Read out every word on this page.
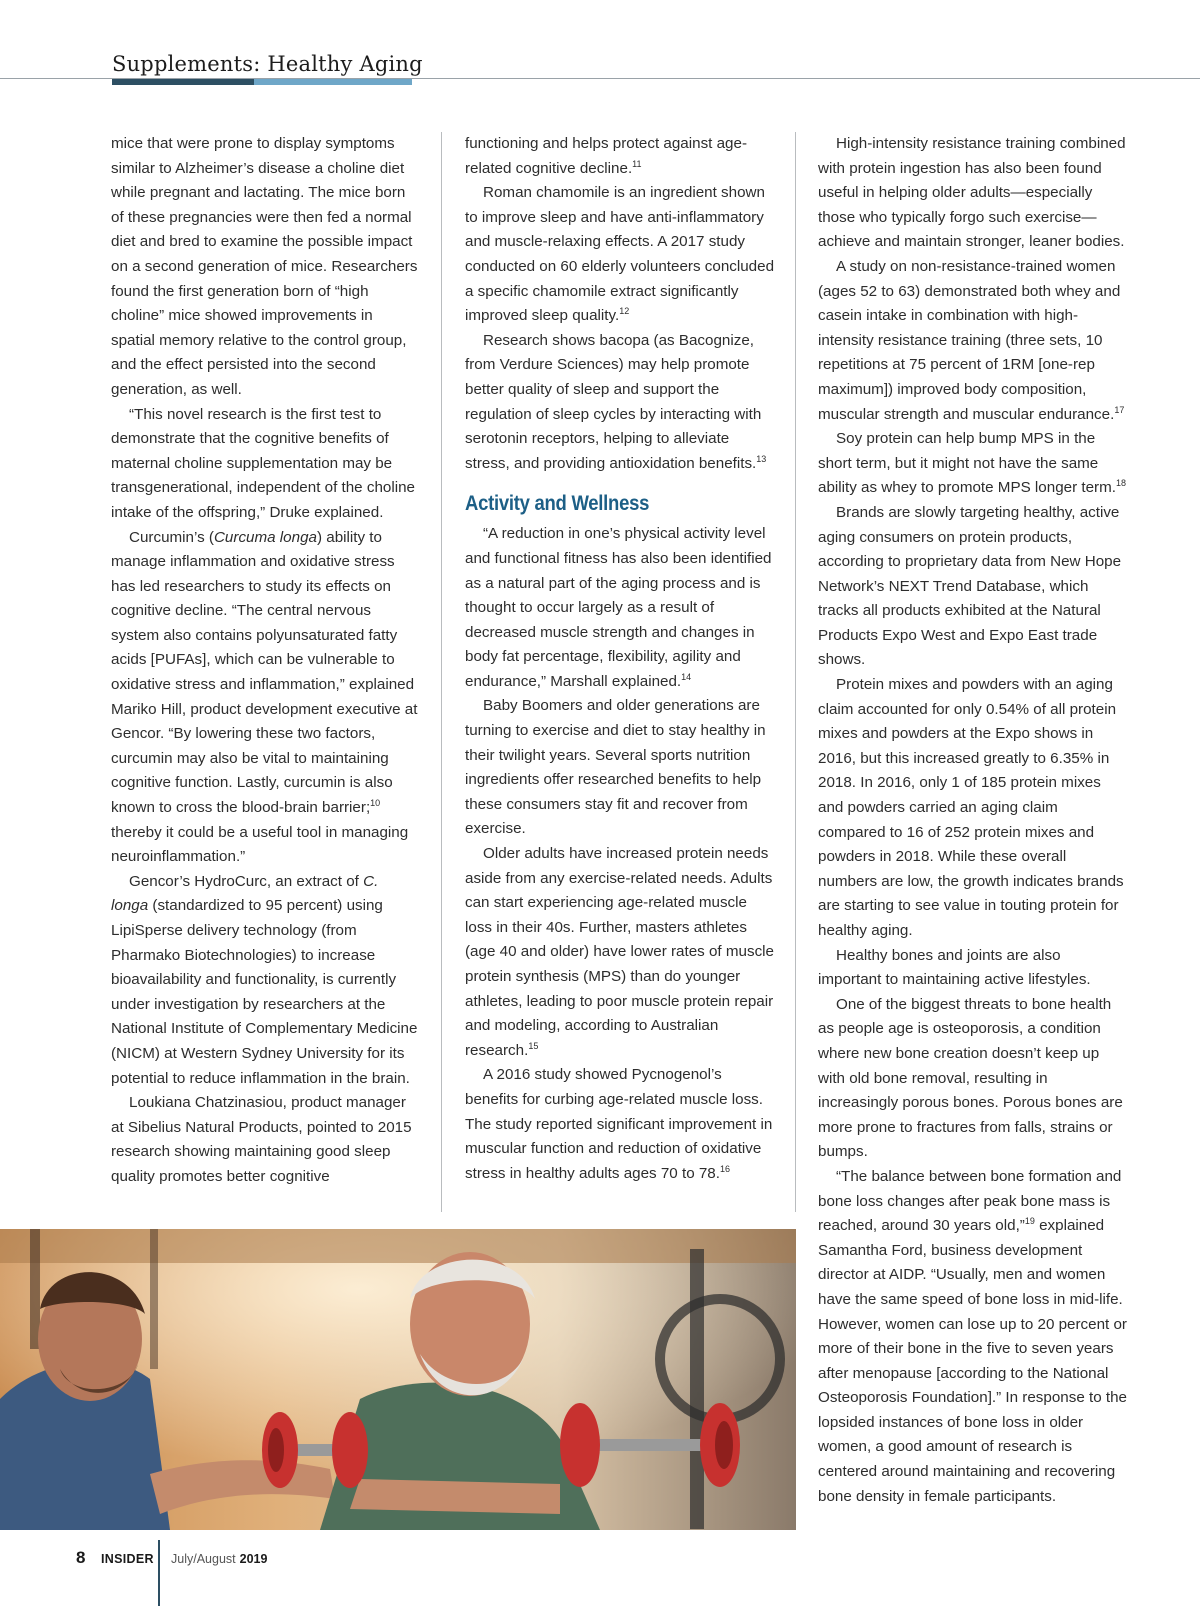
Supplements: Healthy Aging

mice that were prone to display symptoms similar to Alzheimer’s disease a choline diet while pregnant and lactating. The mice born of these pregnancies were then fed a normal diet and bred to examine the possible impact on a second generation of mice. Researchers found the first generation born of “high choline” mice showed improvements in spatial memory relative to the control group, and the effect persisted into the second generation, as well.

“This novel research is the first test to demonstrate that the cognitive benefits of maternal choline supplementation may be transgenerational, independent of the choline intake of the offspring,” Druke explained.

Curcumin’s (Curcuma longa) ability to manage inflammation and oxidative stress has led researchers to study its effects on cognitive decline. “The central nervous system also contains polyunsaturated fatty acids [PUFAs], which can be vulnerable to oxidative stress and inflammation,” explained Mariko Hill, product development executive at Gencor. “By lowering these two factors, curcumin may also be vital to maintaining cognitive function. Lastly, curcumin is also known to cross the blood-brain barrier;$^{10}$ thereby it could be a useful tool in managing neuroinflammation.”

Gencor’s HydroCurc, an extract of C. longa (standardized to 95 percent) using LipiSperse delivery technology (from Pharmako Biotechnologies) to increase bioavailability and functionality, is currently under investigation by researchers at the National Institute of Complementary Medicine (NICM) at Western Sydney University for its potential to reduce inflammation in the brain.

Loukiana Chatzinasiou, product manager at Sibelius Natural Products, pointed to 2015 research showing maintaining good sleep quality promotes better cognitive

functioning and helps protect against age-related cognitive decline.$^{11}$

Roman chamomile is an ingredient shown to improve sleep and have anti-inflammatory and muscle-relaxing effects. A 2017 study conducted on 60 elderly volunteers concluded a specific chamomile extract significantly improved sleep quality.$^{12}$

Research shows bacopa (as Bacognize, from Verdure Sciences) may help promote better quality of sleep and support the regulation of sleep cycles by interacting with serotonin receptors, helping to alleviate stress, and providing antioxidation benefits.$^{13}$

Activity and Wellness

“A reduction in one’s physical activity level and functional fitness has also been identified as a natural part of the aging process and is thought to occur largely as a result of decreased muscle strength and changes in body fat percentage, flexibility, agility and endurance,” Marshall explained.$^{14}$

Baby Boomers and older generations are turning to exercise and diet to stay healthy in their twilight years. Several sports nutrition ingredients offer researched benefits to help these consumers stay fit and recover from exercise.

Older adults have increased protein needs aside from any exercise-related needs. Adults can start experiencing age-related muscle loss in their 40s. Further, masters athletes (age 40 and older) have lower rates of muscle protein synthesis (MPS) than do younger athletes, leading to poor muscle protein repair and modeling, according to Australian research.$^{15}$

A 2016 study showed Pycnogenol’s benefits for curbing age-related muscle loss. The study reported significant improvement in muscular function and reduction of oxidative stress in healthy adults ages 70 to 78.16

High-intensity resistance training combined with protein ingestion has also been found useful in helping older adults—especially those who typically forgo such exercise—achieve and maintain stronger, leaner bodies.

A study on non-resistance-trained women (ages 52 to 63) demonstrated both whey and casein intake in combination with high-intensity resistance training (three sets, 10 repetitions at 75 percent of 1RM [one-rep maximum]) improved body composition, muscular strength and muscular endurance.$^{17}$

Soy protein can help bump MPS in the short term, but it might not have the same ability as whey to promote MPS longer term.$^{18}$

Brands are slowly targeting healthy, active aging consumers on protein products, according to proprietary data from New Hope Network’s NEXT Trend Database, which tracks all products exhibited at the Natural Products Expo West and Expo East trade shows.

Protein mixes and powders with an aging claim accounted for only 0.54% of all protein mixes and powders at the Expo shows in 2016, but this increased greatly to 6.35% in 2018. In 2016, only 1 of 185 protein mixes and powders carried an aging claim compared to 16 of 252 protein mixes and powders in 2018. While these overall numbers are low, the growth indicates brands are starting to see value in touting protein for healthy aging.

Healthy bones and joints are also important to maintaining active lifestyles.

One of the biggest threats to bone health as people age is osteoporosis, a condition where new bone creation doesn’t keep up with old bone removal, resulting in increasingly porous bones. Porous bones are more prone to fractures from falls, strains or bumps.

“The balance between bone formation and bone loss changes after peak bone mass is reached, around 30 years old,”$^{19}$ explained Samantha Ford, business development director at AIDP. “Usually, men and women have the same speed of bone loss in mid-life. However, women can lose up to 20 percent or more of their bone in the five to seven years after menopause [according to the National Osteoporosis Foundation].” In response to the lopsided instances of bone loss in older women, a good amount of research is centered around maintaining and recovering bone density in female participants.

8 INSIDER July/August 2019
